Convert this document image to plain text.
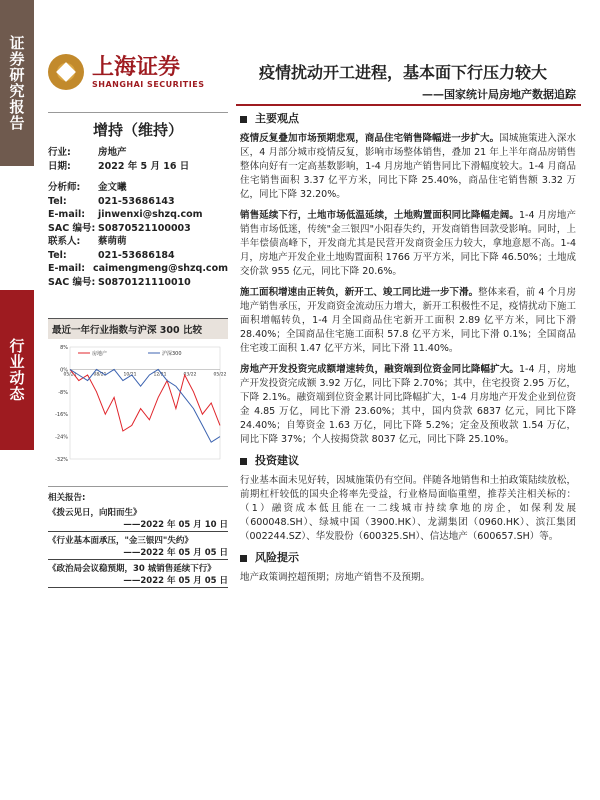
证券研究报告
行业动态
上海证券
SHANGHAI SECURITIES
疫情扰动开工进程，基本面下行压力较大
——国家统计局房地产数据追踪
增持（维持）
行业:	房地产
日期:	2022 年 5 月 16 日
分析师:	金文曦
Tel:	021-53686143
E-mail:	jinwenxi@shzq.com
SAC 编号: S0870521100003
联系人:	蔡萌萌
Tel:	021-53686184
E-mail: caimengmeng@shzq.com
SAC 编号: S0870121110010
最近一年行业指数与沪深 300 比较
8%
0%
-8%
-16%
-24%
-32%
05/21	08/21	10/21	12/21	03/22	05/22
房地产	沪深300
相关报告:
《拨云见日，向阳而生》
——2022 年 05 月 10 日
《行业基本面承压，"金三银四"失约》
——2022 年 05 月 05 日
《政治局会议稳预期，30 城销售延续下行》
——2022 年 05 月 05 日
主要观点
疫情反复叠加市场预期悲观，商品住宅销售降幅进一步扩大。国城施策进入深水区，4 月部分城市疫情反复，影响市场整体销售，叠加 21 年上半年商品房销售整体向好有一定高基数影响，1-4 月房地产销售同比下滑幅度较大。1-4 月商品住宅销售面积 3.37 亿平方米，同比下降 25.40%，商品住宅销售额 3.32 万亿，同比下降 32.20%。
销售延续下行，土地市场低温延续，土地购置面积同比降幅走阔。1-4 月房地产销售市场低迷，传统"金三银四"小阳春失约，开发商销售回款受影响。同时，上半年偿债高峰下，开发商尤其是民营开发商资金压力较大，拿地意愿不高。1-4 月，房地产开发企业土地购置面积 1766 万平方米，同比下降 46.50%；土地成交价款 955 亿元，同比下降 20.6%。
施工面积增速由正转负，新开工、竣工同比进一步下滑。整体来看，前 4 个月房地产销售承压，开发商资金流动压力增大，新开工积极性不足，疫情扰动下施工面积增幅转负，1-4 月全国商品住宅新开工面积 2.89 亿平方米，同比下滑 28.40%；全国商品住宅施工面积 57.8 亿平方米，同比下滑 0.1%；全国商品住宅竣工面积 1.47 亿平方米，同比下滑 11.40%。
房地产开发投资完成额增速转负，融资端到位资金同比降幅扩大。1-4 月，房地产开发投资完成额 3.92 万亿，同比下降 2.70%；其中，住宅投资 2.95 万亿，下降 2.1%。融资端到位资金累计同比降幅扩大，1-4 月房地产开发企业到位资金 4.85 万亿，同比下滑 23.60%；其中，国内贷款 6837 亿元，同比下降 24.40%；自筹资金 1.63 万亿，同比下降 5.2%；定金及预收款 1.54 万亿，同比下降 37%；个人按揭贷款 8037 亿元，同比下降 25.10%。
投资建议
行业基本面未见好转，因城施策仍有空间。伴随各地销售和土拍政策陆续放松，前期杠杆较低的国央企将率先受益，行业格局面临重塑，推荐关注相关标的：（1）融资成本低且能在一二线城市持续拿地的房企，如保利发展（600048.SH）、绿城中国（3900.HK）、龙湖集团（0960.HK）、滨江集团（002244.SZ）、华发股份（600325.SH）、信达地产（600657.SH）等。
风险提示
地产政策调控超预期；房地产销售不及预期。
